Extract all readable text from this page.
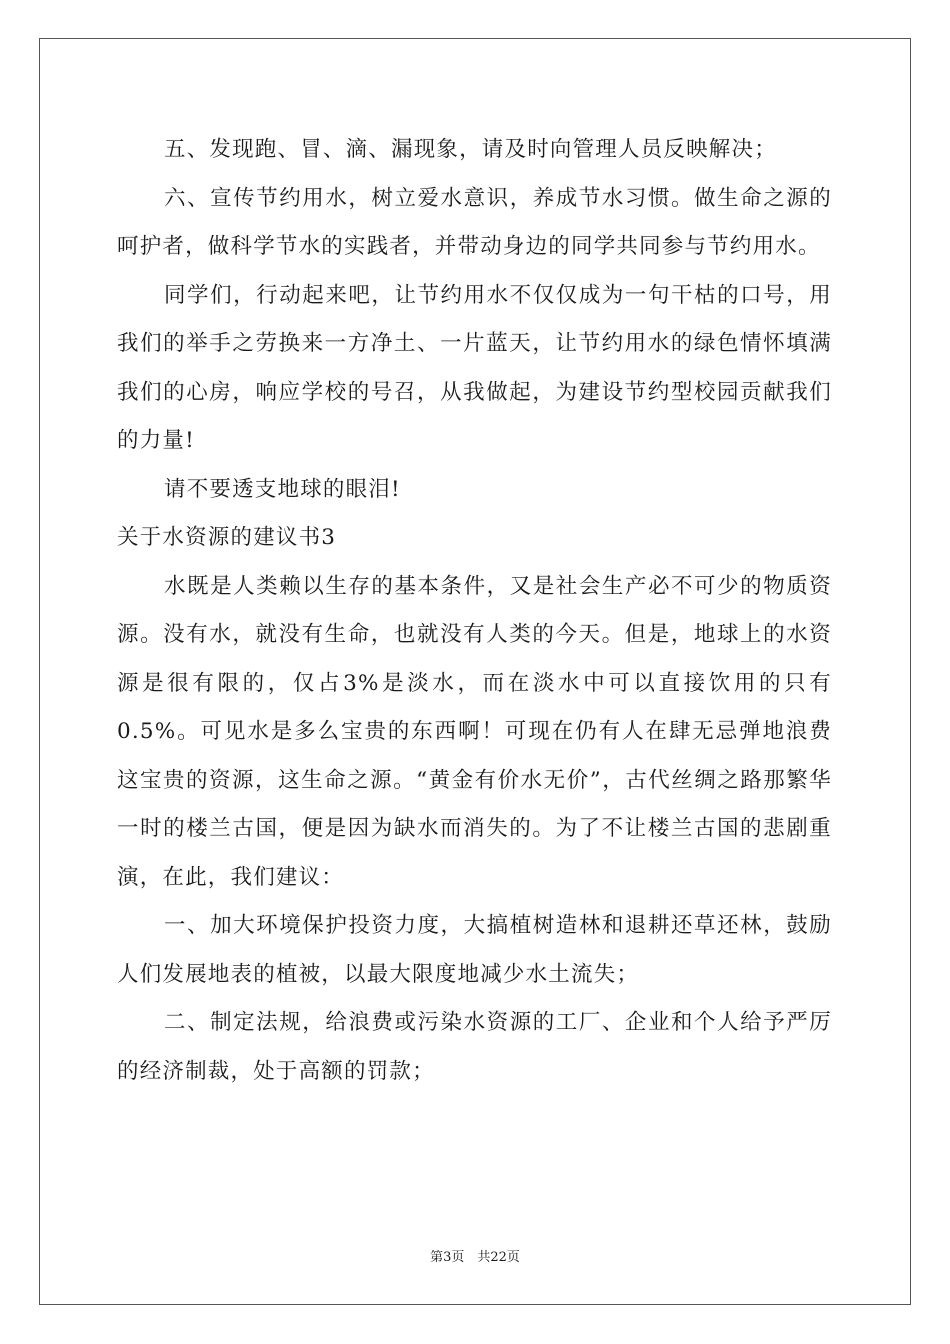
五、发现跑、冒、滴、漏现象，请及时向管理人员反映解决；

六、宣传节约用水，树立爱水意识，养成节水习惯。做生命之源的呵护者，做科学节水的实践者，并带动身边的同学共同参与节约用水。

同学们，行动起来吧，让节约用水不仅仅成为一句干枯的口号，用我们的举手之劳换来一方净土、一片蓝天，让节约用水的绿色情怀填满我们的心房，响应学校的号召，从我做起，为建设节约型校园贡献我们的力量!

请不要透支地球的眼泪!

关于水资源的建议书3

水既是人类赖以生存的基本条件，又是社会生产必不可少的物质资源。没有水，就没有生命，也就没有人类的今天。但是，地球上的水资源是很有限的，仅占3%是淡水，而在淡水中可以直接饮用的只有0.5%。可见水是多么宝贵的东西啊！可现在仍有人在肆无忌弹地浪费这宝贵的资源，这生命之源。“黄金有价水无价”，古代丝绸之路那繁华一时的楼兰古国，便是因为缺水而消失的。为了不让楼兰古国的悲剧重演，在此，我们建议：

一、加大环境保护投资力度，大搞植树造林和退耕还草还林，鼓励人们发展地表的植被，以最大限度地减少水土流失；

二、制定法规，给浪费或污染水资源的工厂、企业和个人给予严厉的经济制裁，处于高额的罚款；

第3页　共22页
